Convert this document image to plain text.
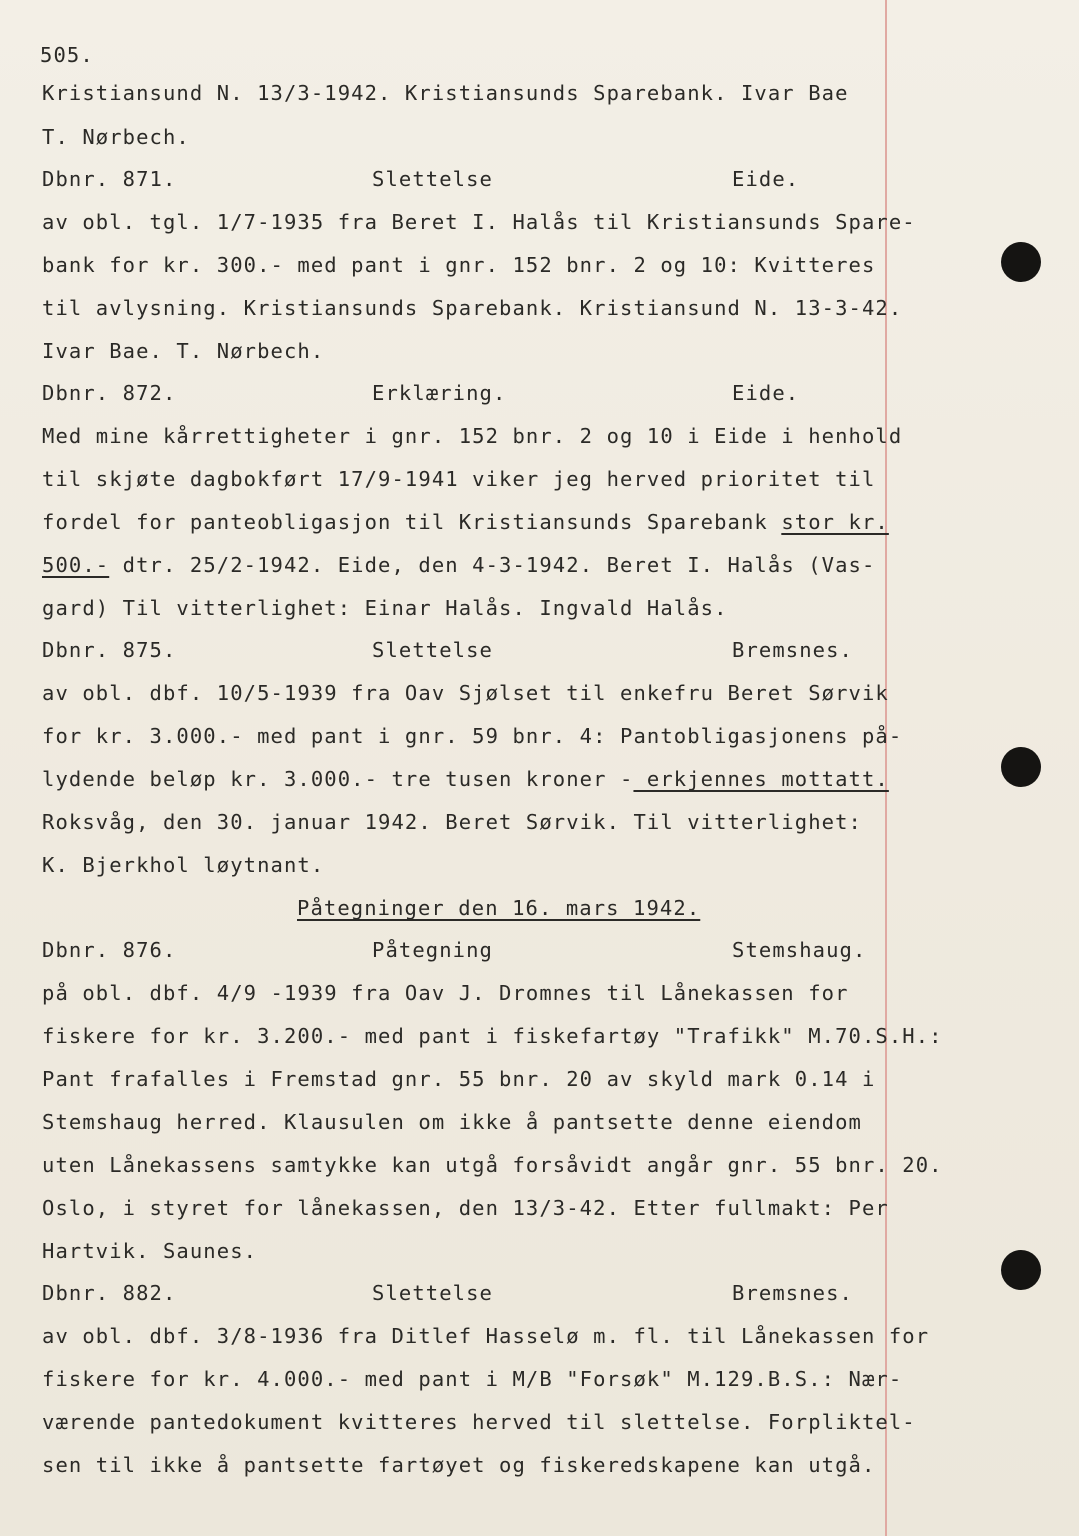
505.
Kristiansund N. 13/3-1942. Kristiansunds Sparebank. Ivar Bae
T. Nørbech.
Dbnr. 871.	Slettelse	Eide.
av obl. tgl. 1/7-1935 fra Beret I. Halås til Kristiansunds Spare-
bank for kr. 300.- med pant i gnr. 152 bnr. 2 og 10: Kvitteres
til avlysning. Kristiansunds Sparebank. Kristiansund N. 13-3-42.
Ivar Bae. T. Nørbech.
Dbnr. 872.	Erklæring.	Eide.
Med mine kårrettigheter i gnr. 152 bnr. 2 og 10 i Eide i henhold
til skjøte dagbokført 17/9-1941 viker jeg herved prioritet til
fordel for panteobligasjon til Kristiansunds Sparebank stor kr.
500.- dtr. 25/2-1942. Eide, den 4-3-1942. Beret I. Halås (Vas-
gard) Til vitterlighet: Einar Halås. Ingvald Halås.
Dbnr. 875.	Slettelse	Bremsnes.
av obl. dbf. 10/5-1939 fra Oav Sjølset til enkefru Beret Sørvik
for kr. 3.000.- med pant i gnr. 59 bnr. 4: Pantobligasjonens på-
lydende beløp kr. 3.000.- tre tusen kroner - erkjennes mottatt.
Roksvåg, den 30. januar 1942. Beret Sørvik. Til vitterlighet:
K. Bjerkhol løytnant.
Påtegninger den 16. mars 1942.
Dbnr. 876.	Påtegning	Stemshaug.
på obl. dbf. 4/9 -1939 fra Oav J. Dromnes til Lånekassen for
fiskere for kr. 3.200.- med pant i fiskefartøy "Trafikk" M.70.S.H.:
Pant frafalles i Fremstad gnr. 55 bnr. 20 av skyld mark 0.14 i
Stemshaug herred. Klausulen om ikke å pantsette denne eiendom
uten Lånekassens samtykke kan utgå forsåvidt angår gnr. 55 bnr. 20.
Oslo, i styret for lånekassen, den 13/3-42. Etter fullmakt: Per
Hartvik. Saunes.
Dbnr. 882.	Slettelse	Bremsnes.
av obl. dbf. 3/8-1936 fra Ditlef Hasselø m. fl. til Lånekassen for
fiskere for kr. 4.000.- med pant i M/B "Forsøk" M.129.B.S.: Nær-
værende pantedokument kvitteres herved til slettelse. Forpliktel-
sen til ikke å pantsette fartøyet og fiskeredskapene kan utgå.
